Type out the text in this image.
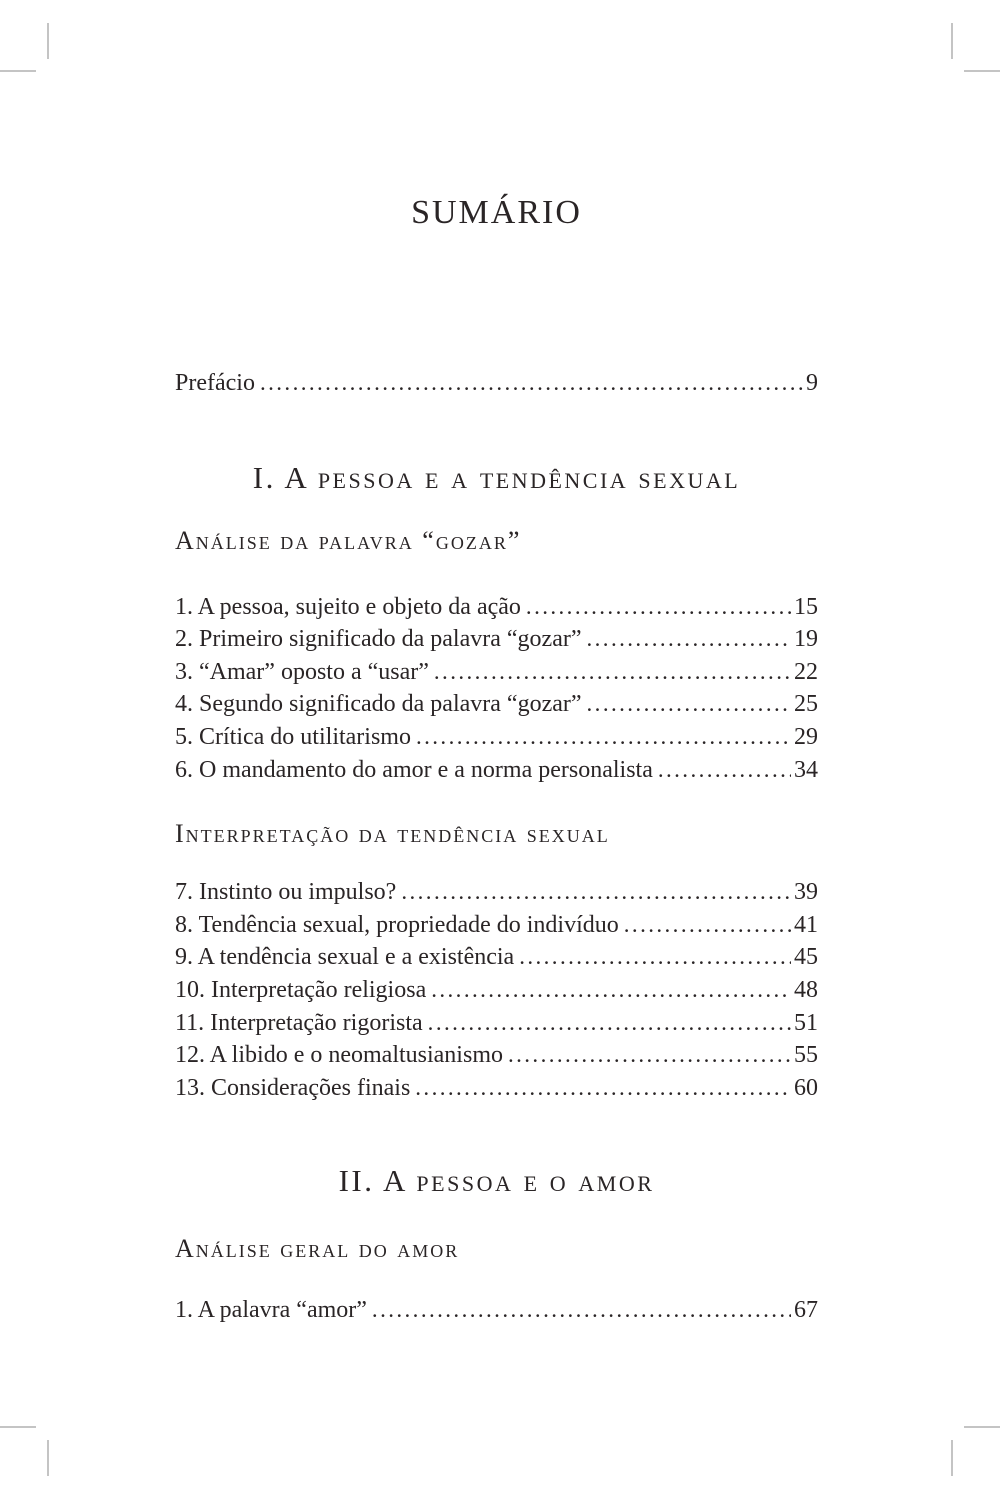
SUMÁRIO
Prefácio .....	9
I. A pessoa e a tendência sexual
Análise da palavra “gozar”
1. A pessoa, sujeito e objeto da ação .....	15
2. Primeiro significado da palavra “gozar” .....	19
3. “Amar” oposto a “usar” .....	22
4. Segundo significado da palavra “gozar” .....	25
5. Crítica do utilitarismo .....	29
6. O mandamento do amor e a norma personalista .....	34
Interpretação da tendência sexual
7. Instinto ou impulso? .....	39
8. Tendência sexual, propriedade do indivíduo .....	41
9. A tendência sexual e a existência .....	45
10. Interpretação religiosa .....	48
11. Interpretação rigorista .....	51
12. A libido e o neomaltusianismo .....	55
13. Considerações finais .....	60
II. A pessoa e o amor
Análise geral do amor
1. A palavra “amor” .....	67
